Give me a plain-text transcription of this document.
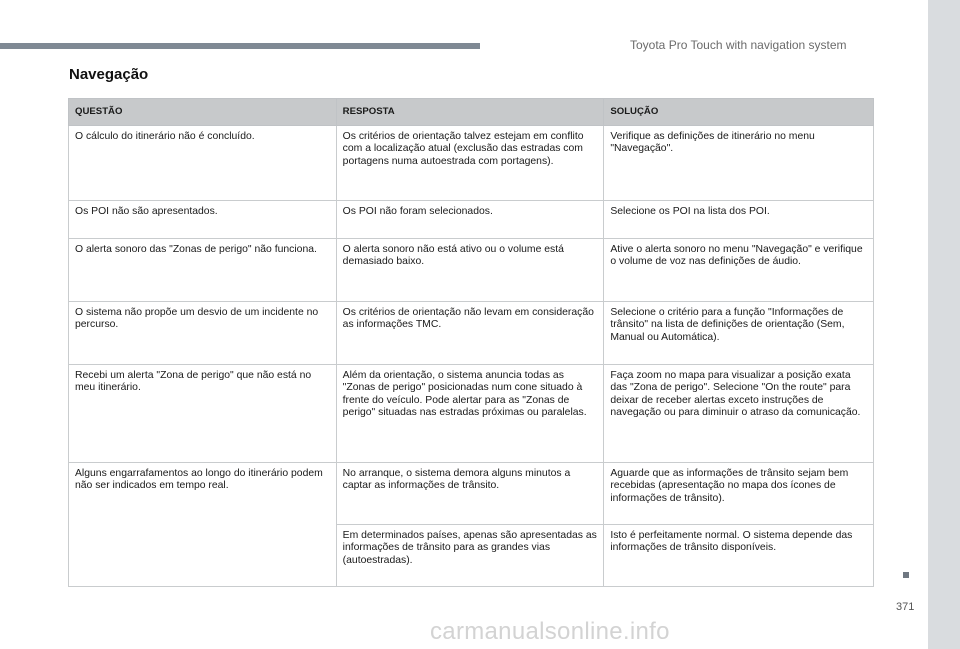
Toyota Pro Touch with navigation system
Navegação
QUESTÃO	RESPOSTA	SOLUÇÃO
O cálculo do itinerário não é concluído.	Os critérios de orientação talvez estejam em conflito com a localização atual (exclusão das estradas com portagens numa autoestrada com portagens).	Verifique as definições de itinerário no menu "Navegação".
Os POI não são apresentados.	Os POI não foram selecionados.	Selecione os POI na lista dos POI.
O alerta sonoro das "Zonas de perigo" não funciona.	O alerta sonoro não está ativo ou o volume está demasiado baixo.	Ative o alerta sonoro no menu "Navegação" e verifique o volume de voz nas definições de áudio.
O sistema não propõe um desvio de um incidente no percurso.	Os critérios de orientação não levam em consideração as informações TMC.	Selecione o critério para a função "Informações de trânsito" na lista de definições de orientação (Sem, Manual ou Automática).
Recebi um alerta "Zona de perigo" que não está no meu itinerário.	Além da orientação, o sistema anuncia todas as "Zonas de perigo" posicionadas num cone situado à frente do veículo. Pode alertar para as "Zonas de perigo" situadas nas estradas próximas ou paralelas.	Faça zoom no mapa para visualizar a posição exata das "Zona de perigo". Selecione "On the route" para deixar de receber alertas exceto instruções de navegação ou para diminuir o atraso da comunicação.
Alguns engarrafamentos ao longo do itinerário podem não ser indicados em tempo real.	No arranque, o sistema demora alguns minutos a captar as informações de trânsito.	Aguarde que as informações de trânsito sejam bem recebidas (apresentação no mapa dos ícones de informações de trânsito).
	Em determinados países, apenas são apresentadas as informações de trânsito para as grandes vias (autoestradas).	Isto é perfeitamente normal. O sistema depende das informações de trânsito disponíveis.
371
carmanualsonline.info
